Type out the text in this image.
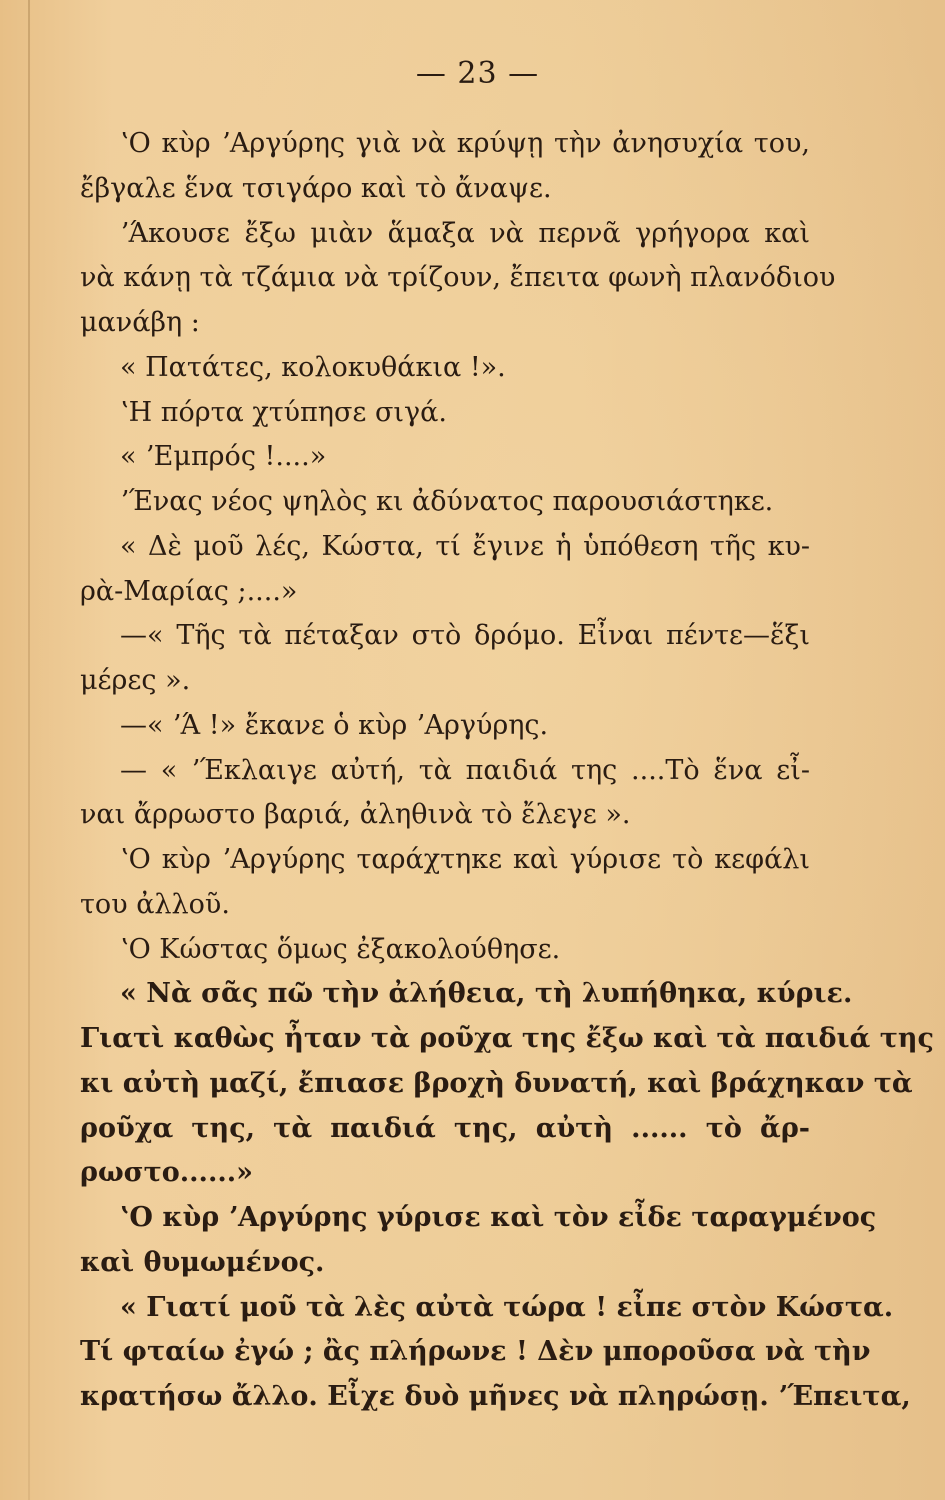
— 23 —
ʽΟ κὺρ ʼΑργύρης γιὰ νὰ κρύψῃ τὴν ἀνησυχία του,
ἔβγαλε ἕνα τσιγάρο καὶ τὸ ἄναψε.
ʼΆκουσε ἔξω μιὰν ἅμαξα νὰ περνᾶ γρήγορα καὶ
νὰ κάνῃ τὰ τζάμια νὰ τρίζουν, ἔπειτα φωνὴ πλανόδιου
μανάβη :
« Πατάτες, κολοκυθάκια !».
ʽΗ πόρτα χτύπησε σιγά.
« ʼΕμπρός !....»
ʼΈνας νέος ψηλὸς κι ἀδύνατος παρουσιάστηκε.
« Δὲ μοῦ λές, Κώστα, τί ἔγινε ἡ ὑπόθεση τῆς κυ-
ρὰ-Μαρίας ;....»
—« Τῆς τὰ πέταξαν στὸ δρόμο. Εἶναι πέντε—ἕξι
μέρες ».
—« ʼΆ !» ἔκανε ὁ κὺρ ʼΑργύρης.
— « ʼΈκλαιγε αὐτή, τὰ παιδιά της ....Τὸ ἕνα εἶ-
ναι ἄρρωστο βαριά, ἀληθινὰ τὸ ἔλεγε ».
ʽΟ κὺρ ʼΑργύρης ταράχτηκε καὶ γύρισε τὸ κεφάλι
του ἀλλοῦ.
ʽΟ Κώστας ὅμως ἐξακολούθησε.
« Νὰ σᾶς πῶ τὴν ἀλήθεια, τὴ λυπήθηκα, κύριε.
Γιατὶ καθὼς ἦταν τὰ ροῦχα της ἔξω καὶ τὰ παιδιά της
κι αὐτὴ μαζί, ἔπιασε βροχὴ δυνατή, καὶ βράχηκαν τὰ
ροῦχα της, τὰ παιδιά της, αὐτὴ ...... τὸ ἄρ-
ρωστο......»
ʽΟ κὺρ ʼΑργύρης γύρισε καὶ τὸν εἶδε ταραγμένος
καὶ θυμωμένος.
« Γιατί μοῦ τὰ λὲς αὐτὰ τώρα ! εἶπε στὸν Κώστα.
Τί φταίω ἐγώ ; ἂς πλήρωνε ! Δὲν μποροῦσα νὰ τὴν
κρατήσω ἄλλο. Εἶχε δυὸ μῆνες νὰ πληρώσῃ. ʼΈπειτα,
